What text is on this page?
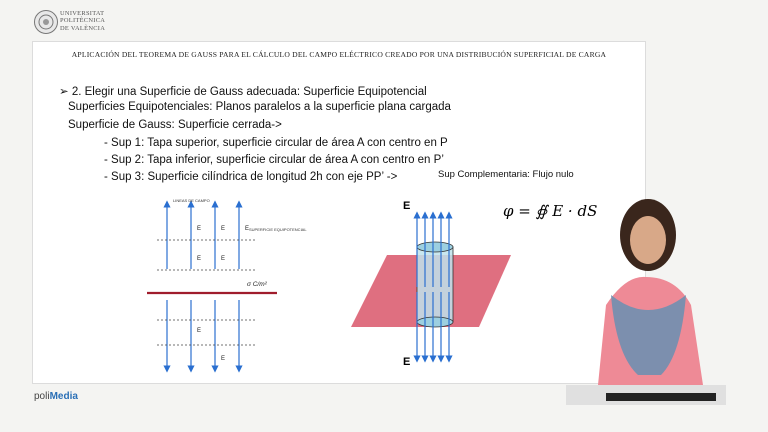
UNIVERSITAT
POLITÈCNICA
DE VALÈNCIA
APLICACIÓN DEL TEOREMA DE GAUSS PARA EL CÁLCULO DEL CAMPO ELÉCTRICO CREADO POR UNA DISTRIBUCIÓN SUPERFICIAL DE CARGA
➢ 2. Elegir una Superficie de Gauss adecuada: Superficie Equipotencial
Superficies Equipotenciales: Planos paralelos a la superficie plana cargada
Superficie de Gauss: Superficie cerrada->
- Sup 1: Tapa superior, superficie circular de área A con centro en P
- Sup 2: Tapa inferior, superficie circular de área A con centro en P’
- Sup 3: Superficie cilíndrica de longitud 2h con eje PP’ ->	Sup Complementaria: Flujo nulo
LINEAS DE CAMPO
SUPERFICIE EQUIPOTENCIAL
σ C/m²
E	E	E
E	E
E
E
E
E
φ = ∯ E · dS
poliMedia
